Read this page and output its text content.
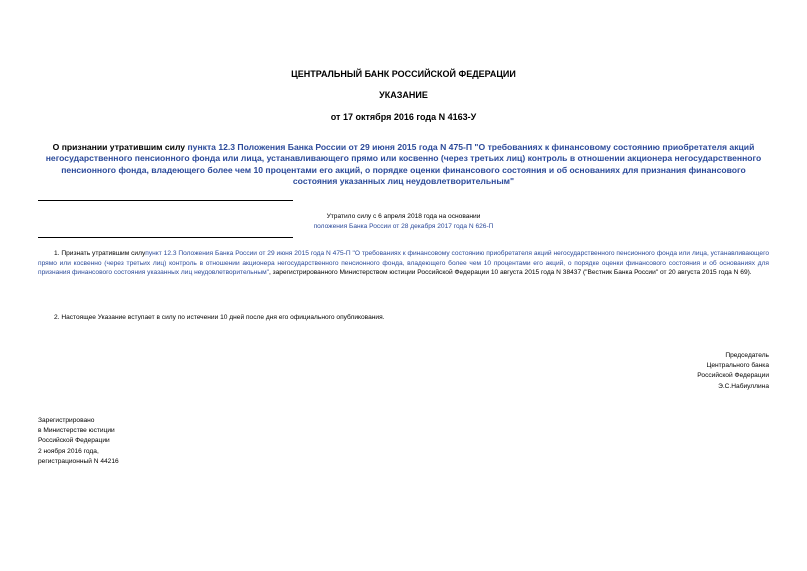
ЦЕНТРАЛЬНЫЙ БАНК РОССИЙСКОЙ ФЕДЕРАЦИИ
УКАЗАНИЕ
от 17 октября 2016 года N 4163-У
О признании утратившим силу пункта 12.3 Положения Банка России от 29 июня 2015 года N 475-П "О требованиях к финансовому состоянию приобретателя акций негосударственного пенсионного фонда или лица, устанавливающего прямо или косвенно (через третьих лиц) контроль в отношении акционера негосударственного пенсионного фонда, владеющего более чем 10 процентами его акций, о порядке оценки финансового состояния и об основаниях для признания финансового состояния указанных лиц неудовлетворительным"
Утратило силу с 6 апреля 2018 года на основании
положения Банка России от 28 декабря 2017 года N 626-П
1. Признать утратившим силупункт 12.3 Положения Банка России от 29 июня 2015 года N 475-П "О требованиях к финансовому состоянию приобретателя акций негосударственного пенсионного фонда или лица, устанавливающего прямо или косвенно (через третьих лиц) контроль в отношении акционера негосударственного пенсионного фонда, владеющего более чем 10 процентами его акций, о порядке оценки финансового состояния и об основаниях для признания финансового состояния указанных лиц неудовлетворительным", зарегистрированного Министерством юстиции Российской Федерации 10 августа 2015 года N 38437 ("Вестник Банка России" от 20 августа 2015 года N 69).
2. Настоящее Указание вступает в силу по истечении 10 дней после дня его официального опубликования.
Председатель
Центрального банка
Российской Федерации
Э.С.Набиуллина
Зарегистрировано
в Министерстве юстиции
Российской Федерации
2 ноября 2016 года,
регистрационный N 44216
